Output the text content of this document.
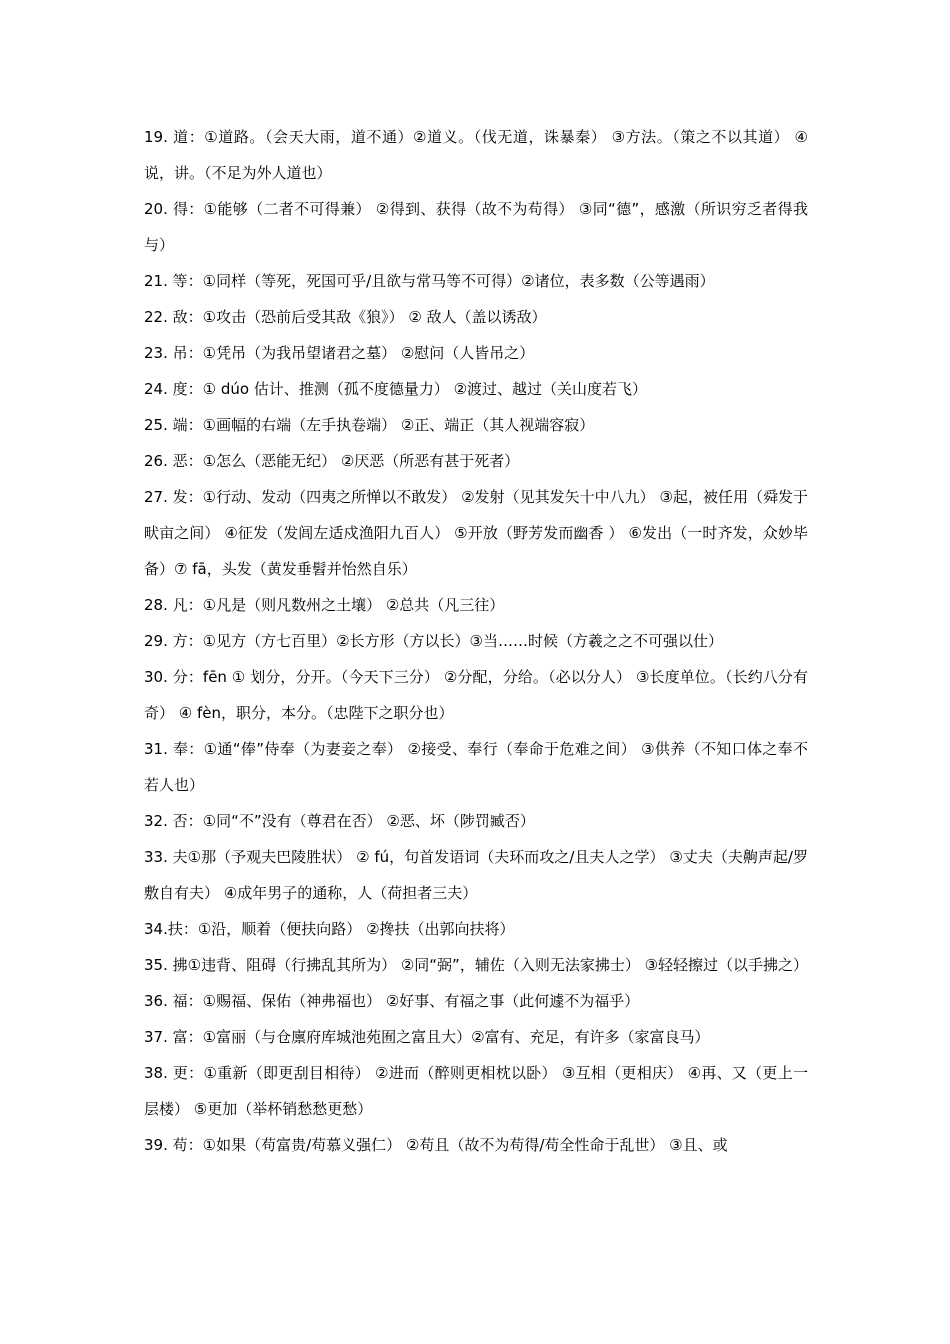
19. 道：①道路。（会天大雨，道不通）②道义。（伐无道，诛暴秦） ③方法。（策之不以其道） ④说，讲。（不足为外人道也）

20. 得：①能够（二者不可得兼） ②得到、获得（故不为苟得） ③同“德”，感激（所识穷乏者得我与）

21. 等：①同样（等死，死国可乎/且欲与常马等不可得）②诸位，表多数（公等遇雨）

22. 敌：①攻击（恐前后受其敌《狼》） ② 敌人（盖以诱敌）

23. 吊：①凭吊（为我吊望诸君之墓） ②慰问（人皆吊之）

24. 度：① dúo 估计、推测（孤不度德量力） ②渡过、越过（关山度若飞）

25. 端：①画幅的右端（左手执卷端） ②正、端正（其人视端容寂）

26. 恶：①怎么（恶能无纪） ②厌恶（所恶有甚于死者）

27. 发：①行动、发动（四夷之所惮以不敢发） ②发射（见其发矢十中八九） ③起，被任用（舜发于畎亩之间） ④征发（发闾左适戍渔阳九百人） ⑤开放（野芳发而幽香 ） ⑥发出（一时齐发，众妙毕备）⑦ fā，头发（黄发垂髫并怡然自乐）

28. 凡：①凡是（则凡数州之土壤） ②总共（凡三往）

29. 方：①见方（方七百里）②长方形（方以长）③当……时候（方羲之之不可强以仕）

30. 分：fēn ① 划分，分开。（今天下三分） ②分配，分给。（必以分人） ③长度单位。（长约八分有奇） ④ fèn，职分，本分。（忠陛下之职分也）

31. 奉：①通“俸”侍奉（为妻妾之奉） ②接受、奉行（奉命于危难之间） ③供养（不知口体之奉不若人也）

32. 否：①同“不”没有（尊君在否） ②恶、坏（陟罚臧否）

33. 夫①那（予观夫巴陵胜状） ② fú，句首发语词（夫环而攻之/且夫人之学） ③丈夫（夫齁声起/罗敷自有夫） ④成年男子的通称，人（荷担者三夫）

34.扶：①沿，顺着（便扶向路） ②搀扶（出郭向扶将）

35. 拂①违背、阻碍（行拂乱其所为） ②同“弼”，辅佐（入则无法家拂士） ③轻轻擦过（以手拂之）

36. 福：①赐福、保佑（神弗福也） ②好事、有福之事（此何遽不为福乎）

37. 富：①富丽（与仓廪府库城池苑囿之富且大）②富有、充足，有许多（家富良马）

38. 更：①重新（即更刮目相待） ②进而（醉则更相枕以卧） ③互相（更相庆） ④再、又（更上一层楼） ⑤更加（举杯销愁愁更愁）

39. 苟：①如果（苟富贵/苟慕义强仁） ②苟且（故不为苟得/苟全性命于乱世） ③且、或
